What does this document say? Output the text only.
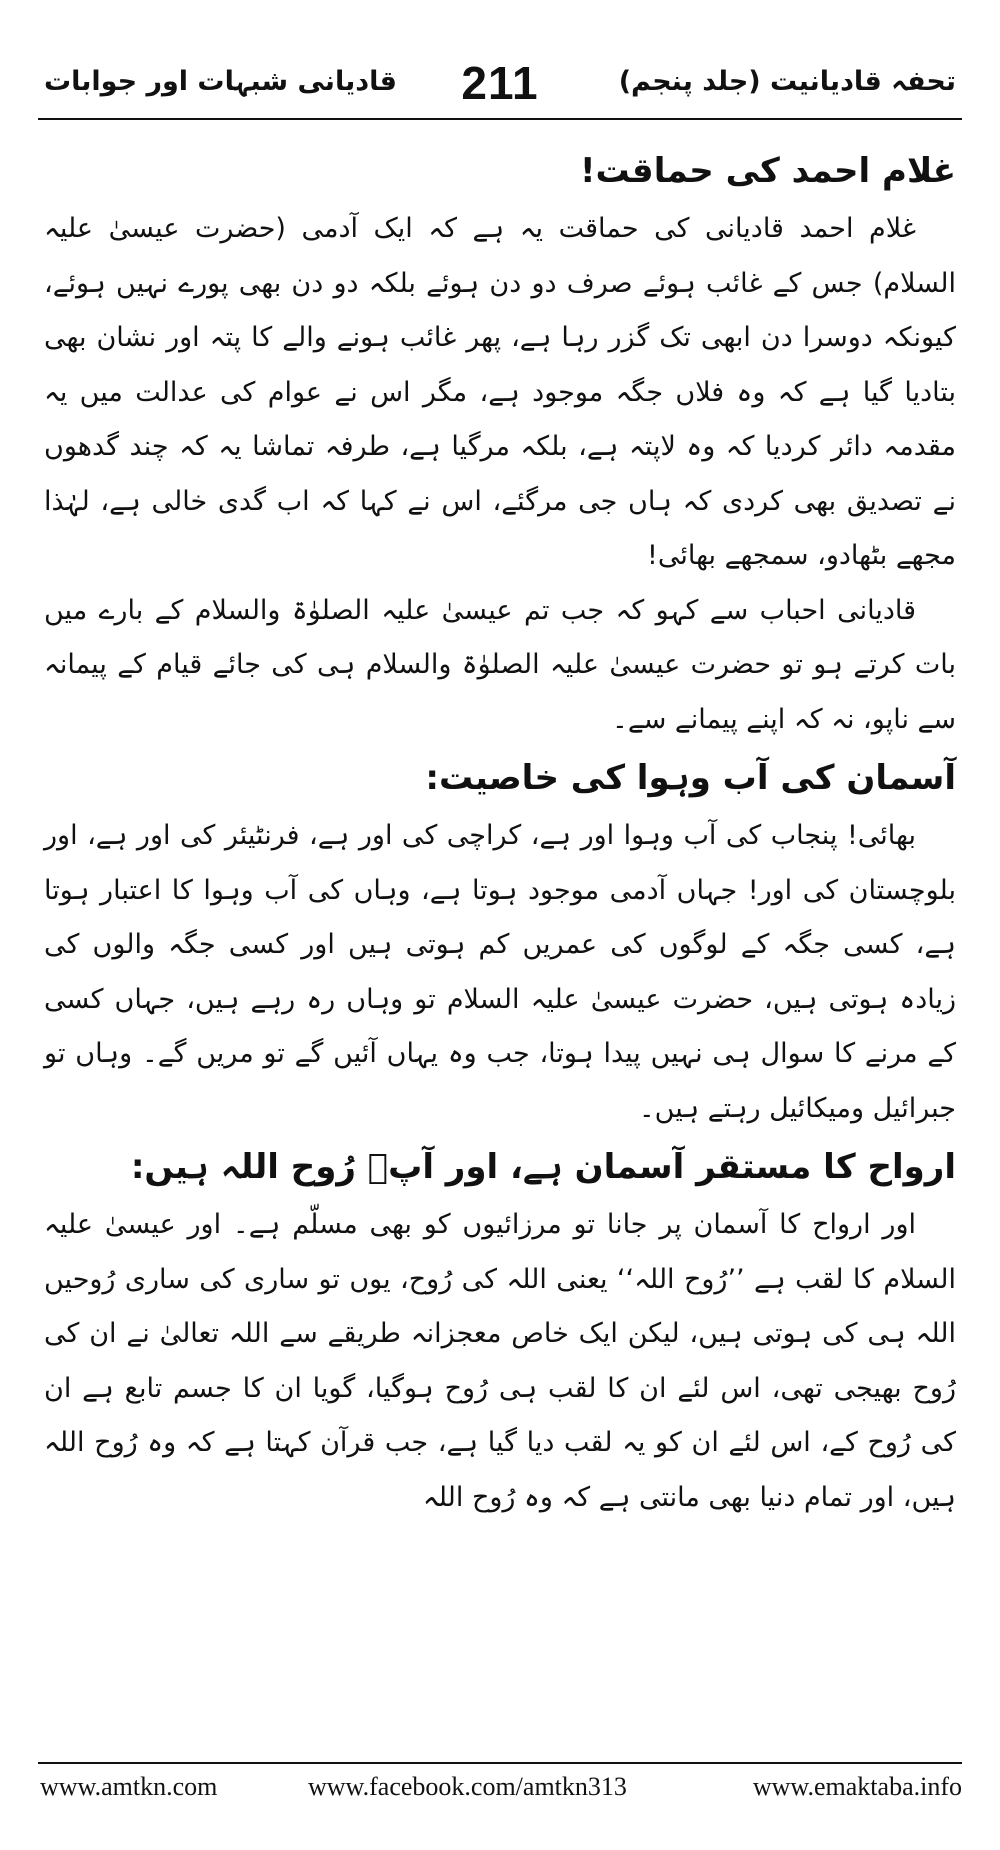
قادیانی شبہات اور جوابات	211	تحفہ قادیانیت (جلد پنجم)
غلام احمد کی حماقت!

غلام احمد قادیانی کی حماقت یہ ہے کہ ایک آدمی (حضرت عیسیٰ علیہ السلام) جس کے غائب ہوئے صرف دو دن ہوئے بلکہ دو دن بھی پورے نہیں ہوئے، کیونکہ دوسرا دن ابھی تک گزر رہا ہے، پھر غائب ہونے والے کا پتہ اور نشان بھی بتادیا گیا ہے کہ وہ فلاں جگہ موجود ہے، مگر اس نے عوام کی عدالت میں یہ مقدمہ دائر کردیا کہ وہ لاپتہ ہے، بلکہ مرگیا ہے، طرفہ تماشا یہ کہ چند گدھوں نے تصدیق بھی کردی کہ ہاں جی مرگئے، اس نے کہا کہ اب گدی خالی ہے، لہٰذا مجھے بٹھادو، سمجھے بھائی!

قادیانی احباب سے کہو کہ جب تم عیسیٰ علیہ الصلوٰۃ والسلام کے بارے میں بات کرتے ہو تو حضرت عیسیٰ علیہ الصلوٰۃ والسلام ہی کی جائے قیام کے پیمانہ سے ناپو، نہ کہ اپنے پیمانے سے۔

آسمان کی آب وہوا کی خاصیت:

بھائی! پنجاب کی آب وہوا اور ہے، کراچی کی اور ہے، فرنٹیئر کی اور ہے، اور بلوچستان کی اور! جہاں آدمی موجود ہوتا ہے، وہاں کی آب وہوا کا اعتبار ہوتا ہے، کسی جگہ کے لوگوں کی عمریں کم ہوتی ہیں اور کسی جگہ والوں کی زیادہ ہوتی ہیں، حضرت عیسیٰ علیہ السلام تو وہاں رہ رہے ہیں، جہاں کسی کے مرنے کا سوال ہی نہیں پیدا ہوتا، جب وہ یہاں آئیں گے تو مریں گے۔ وہاں تو جبرائیل ومیکائیل رہتے ہیں۔

ارواح کا مستقر آسمان ہے، اور آپؑ رُوح اللہ ہیں:

اور ارواح کا آسمان پر جانا تو مرزائیوں کو بھی مسلّم ہے۔ اور عیسیٰ علیہ السلام کا لقب ہے ’’رُوح اللہ‘‘ یعنی اللہ کی رُوح، یوں تو ساری کی ساری رُوحیں اللہ ہی کی ہوتی ہیں، لیکن ایک خاص معجزانہ طریقے سے اللہ تعالیٰ نے ان کی رُوح بھیجی تھی، اس لئے ان کا لقب ہی رُوح ہوگیا، گویا ان کا جسم تابع ہے ان کی رُوح کے، اس لئے ان کو یہ لقب دیا گیا ہے، جب قرآن کہتا ہے کہ وہ رُوح اللہ ہیں، اور تمام دنیا بھی مانتی ہے کہ وہ رُوح اللہ

www.amtkn.com	www.facebook.com/amtkn313	www.emaktaba.info
